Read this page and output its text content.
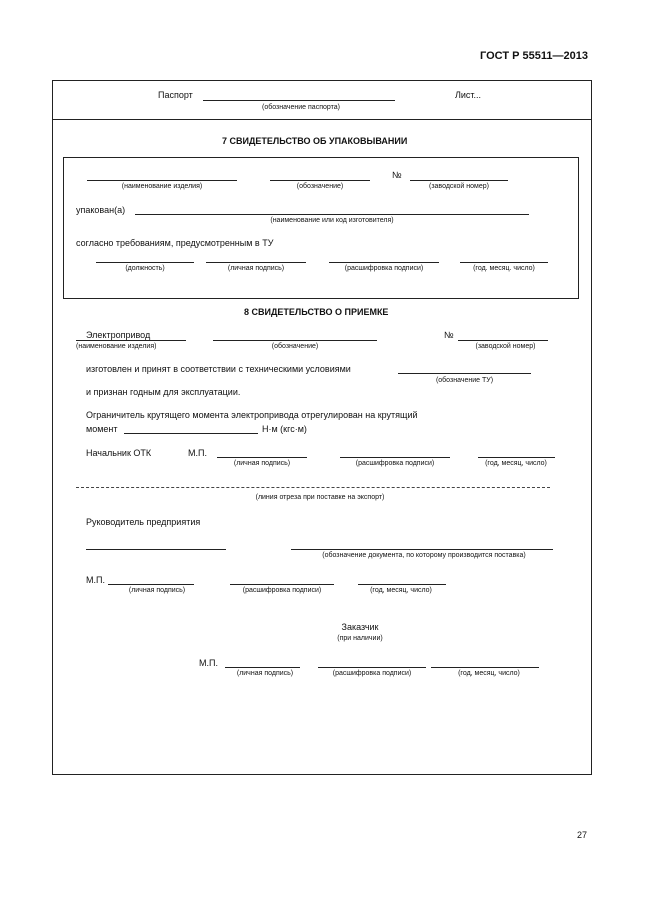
ГОСТ Р 55511—2013
Паспорт
(обозначение паспорта)
Лист...
7 СВИДЕТЕЛЬСТВО ОБ УПАКОВЫВАНИИ
(наименование изделия)	(обозначение)
№
(заводской номер)
упакован(а)
(наименование или код изготовителя)
согласно требованиям, предусмотренным в ТУ
(должность)	(личная подпись)	(расшифровка подписи)	(год. месяц. число)
8 СВИДЕТЕЛЬСТВО О ПРИЕМКЕ
Электропривод
(наименование изделия)	(обозначение)
№
(заводской номер)
изготовлен и принят в соответствии с техническими условиями
(обозначение ТУ)
и признан годным для эксплуатации.
Ограничитель крутящего момента электропривода отрегулирован на крутящий
момент	Н·м (кгс·м)
Начальник ОТК	М.П.
(личная подпись)	(расшифровка подписи)	(год, месяц, число)
(линия отреза при поставке на экспорт)
Руководитель предприятия
(обозначение документа, по которому производится поставка)
М.П.
(личная подпись)	(расшифровка подписи)	(год, месяц, число)
Заказчик
(при наличии)
М.П.
(личная подпись)	(расшифровка подписи)	(год, месяц, число)
27
